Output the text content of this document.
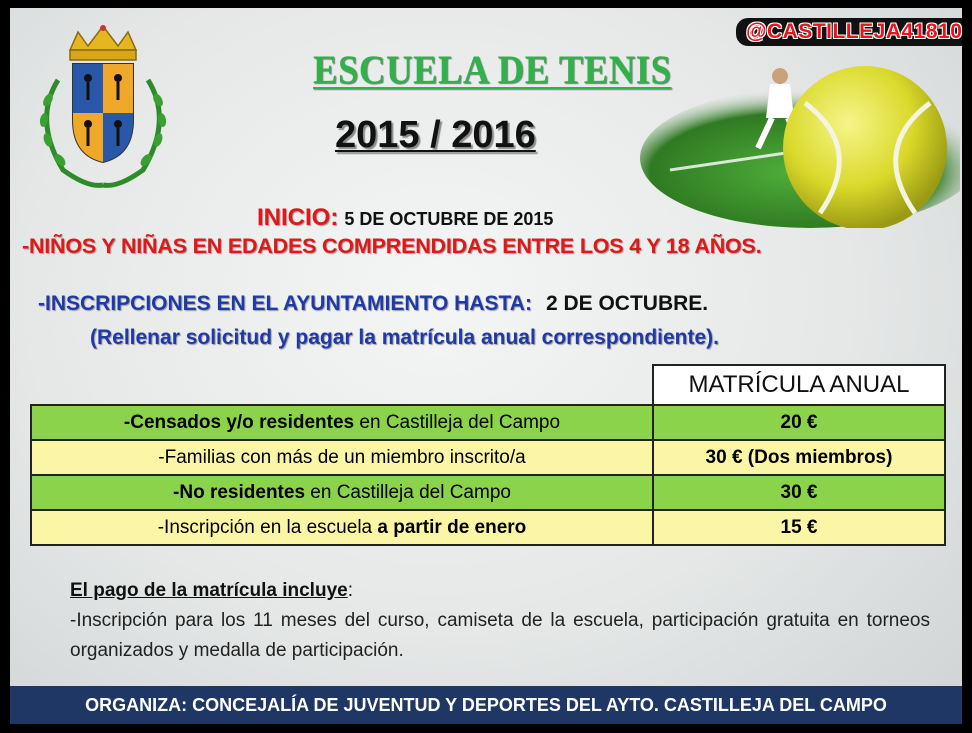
@CASTILLEJA41810
ESCUELA DE TENIS
2015 / 2016
INICIO: 5 DE OCTUBRE DE 2015
-NIÑOS Y NIÑAS EN EDADES COMPRENDIDAS ENTRE LOS 4 Y 18 AÑOS.
-INSCRIPCIONES EN EL AYUNTAMIENTO HASTA: 2 DE OCTUBRE.
(Rellenar solicitud y pagar la matrícula anual correspondiente).
	MATRÍCULA ANUAL
-Censados y/o residentes en Castilleja del Campo	20 €
-Familias con más de un miembro inscrito/a	30 € (Dos miembros)
-No residentes en Castilleja del Campo	30 €
-Inscripción en la escuela a partir de enero	15 €
El pago de la matrícula incluye:
-Inscripción para los 11 meses del curso, camiseta de la escuela, participación gratuita en torneos organizados y medalla de participación.
ORGANIZA: CONCEJALÍA DE JUVENTUD Y DEPORTES DEL AYTO. CASTILLEJA DEL CAMPO
